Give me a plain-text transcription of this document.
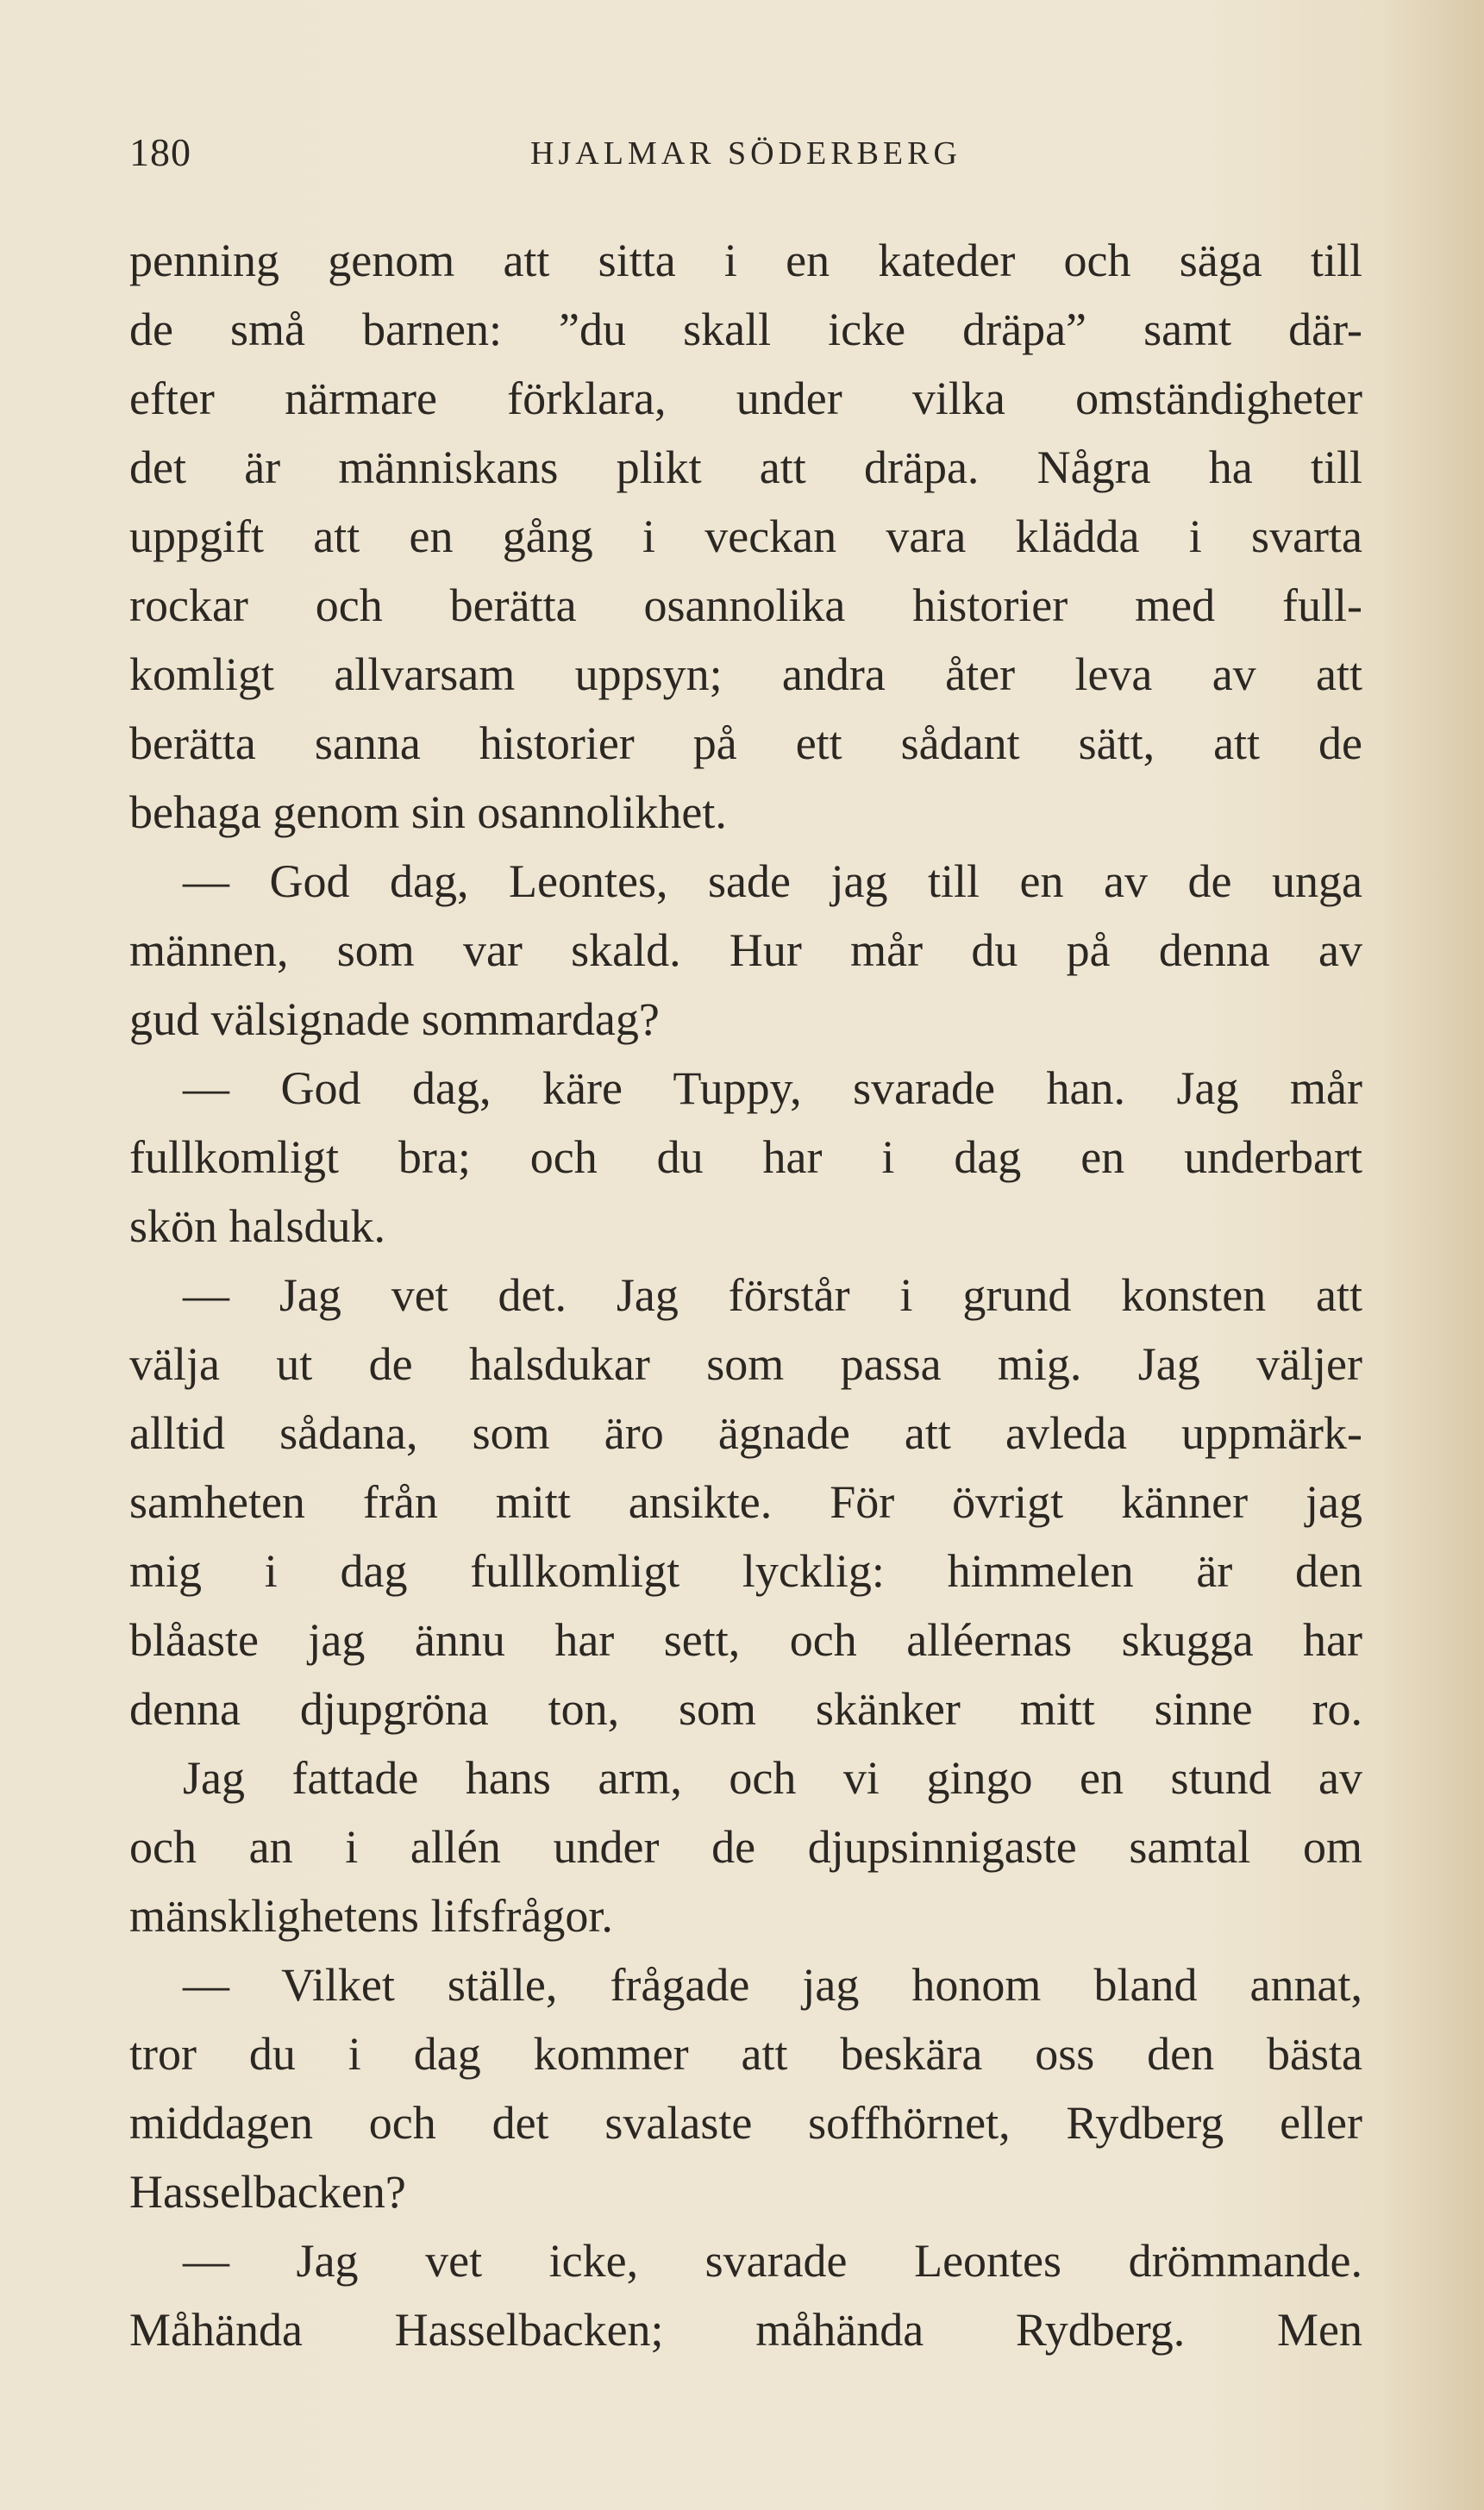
180	HJALMAR SÖDERBERG
penning genom att sitta i en kateder och säga till
de små barnen: ”du skall icke dräpa” samt där-
efter närmare förklara, under vilka omständigheter
det är människans plikt att dräpa. Några ha till
uppgift att en gång i veckan vara klädda i svarta
rockar och berätta osannolika historier med full-
komligt allvarsam uppsyn; andra åter leva av att
berätta sanna historier på ett sådant sätt, att de
behaga genom sin osannolikhet.
— God dag, Leontes, sade jag till en av de unga
männen, som var skald. Hur mår du på denna av
gud välsignade sommardag?
— God dag, käre Tuppy, svarade han. Jag mår
fullkomligt bra; och du har i dag en underbart
skön halsduk.
— Jag vet det. Jag förstår i grund konsten att
välja ut de halsdukar som passa mig. Jag väljer
alltid sådana, som äro ägnade att avleda uppmärk-
samheten från mitt ansikte. För övrigt känner jag
mig i dag fullkomligt lycklig: himmelen är den
blåaste jag ännu har sett, och alléernas skugga har
denna djupgröna ton, som skänker mitt sinne ro.
Jag fattade hans arm, och vi gingo en stund av
och an i allén under de djupsinnigaste samtal om
mänsklighetens lifsfrågor.
— Vilket ställe, frågade jag honom bland annat,
tror du i dag kommer att beskära oss den bästa
middagen och det svalaste soffhörnet, Rydberg eller
Hasselbacken?
— Jag vet icke, svarade Leontes drömmande.
Måhända Hasselbacken; måhända Rydberg. Men
